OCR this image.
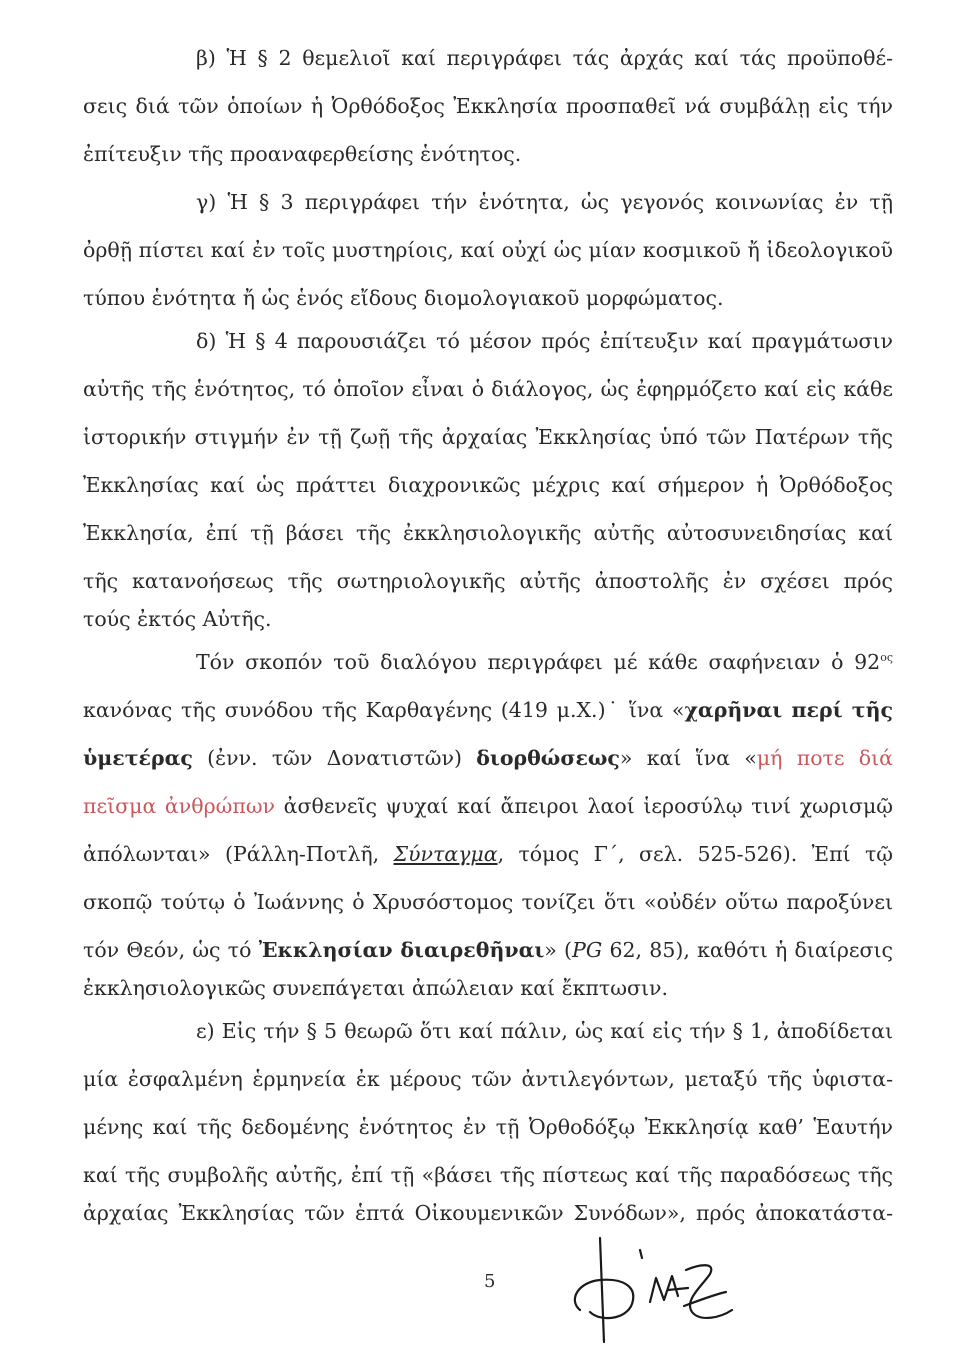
β) Ἡ § 2 θεμελιοῖ καί περιγράφει τάς ἀρχάς καί τάς προϋποθέ-
σεις διά τῶν ὁποίων ἡ Ὀρθόδοξος Ἐκκλησία προσπαθεῖ νά συμβάλῃ εἰς τήν
ἐπίτευξιν τῆς προαναφερθείσης ἑνότητος.
γ) Ἡ § 3 περιγράφει τήν ἑνότητα, ὡς γεγονός κοινωνίας ἐν τῇ
ὀρθῇ πίστει καί ἐν τοῖς μυστηρίοις, καί οὐχί ὡς μίαν κοσμικοῦ ἤ ἰδεολογικοῦ
τύπου ἑνότητα ἤ ὡς ἑνός εἴδους διομολογιακοῦ μορφώματος.
δ) Ἡ § 4 παρουσιάζει τό μέσον πρός ἐπίτευξιν καί πραγμάτωσιν
αὐτῆς τῆς ἑνότητος, τό ὁποῖον εἶναι ὁ διάλογος, ὡς ἐφηρμόζετο καί εἰς κάθε
ἱστορικήν στιγμήν ἐν τῇ ζωῇ τῆς ἀρχαίας Ἐκκλησίας ὑπό τῶν Πατέρων τῆς
Ἐκκλησίας καί ὡς πράττει διαχρονικῶς μέχρις καί σήμερον ἡ Ὀρθόδοξος
Ἐκκλησία, ἐπί τῇ βάσει τῆς ἐκκλησιολογικῆς αὐτῆς αὐτοσυνειδησίας καί
τῆς κατανοήσεως τῆς σωτηριολογικῆς αὐτῆς ἀποστολῆς ἐν σχέσει πρός
τούς ἐκτός Αὐτῆς.
Τόν σκοπόν τοῦ διαλόγου περιγράφει μέ κάθε σαφήνειαν ὁ $92^{o\varsigma}$
κανόνας τῆς συνόδου τῆς Καρθαγένης (419 μ.Χ.)˙ ἵνα «χαρῆναι περί τῆς
ὑμετέρας (ἐνν. τῶν Δονατιστῶν) διορθώσεως» καί ἵνα «μή ποτε διά
πεῖσμα ἀνθρώπων ἀσθενεῖς ψυχαί καί ἄπειροι λαοί ἱεροσύλῳ τινί χωρισμῷ
ἀπόλωνται» (Ράλλη-Ποτλῆ, Σύνταγμα, τόμος Γ΄, σελ. 525-526). Ἐπί τῷ
σκοπῷ τούτῳ ὁ Ἰωάννης ὁ Χρυσόστομος τονίζει ὅτι «οὐδέν οὕτω παροξύνει
τόν Θεόν, ὡς τό Ἐκκλησίαν διαιρεθῆναι» (PG 62, 85), καθότι ἡ διαίρεσις
ἐκκλησιολογικῶς συνεπάγεται ἀπώλειαν καί ἔκπτωσιν.
ε) Εἰς τήν § 5 θεωρῶ ὅτι καί πάλιν, ὡς καί εἰς τήν § 1, ἀποδίδεται
μία ἐσφαλμένη ἑρμηνεία ἐκ μέρους τῶν ἀντιλεγόντων, μεταξύ τῆς ὑφιστα-
μένης καί τῆς δεδομένης ἑνότητος ἐν τῇ Ὀρθοδόξῳ Ἐκκλησίᾳ καθ’ Ἑαυτήν
καί τῆς συμβολῆς αὐτῆς, ἐπί τῇ «βάσει τῆς πίστεως καί τῆς παραδόσεως τῆς
ἀρχαίας Ἐκκλησίας τῶν ἑπτά Οἰκουμενικῶν Συνόδων», πρός ἀποκατάστα-
5
